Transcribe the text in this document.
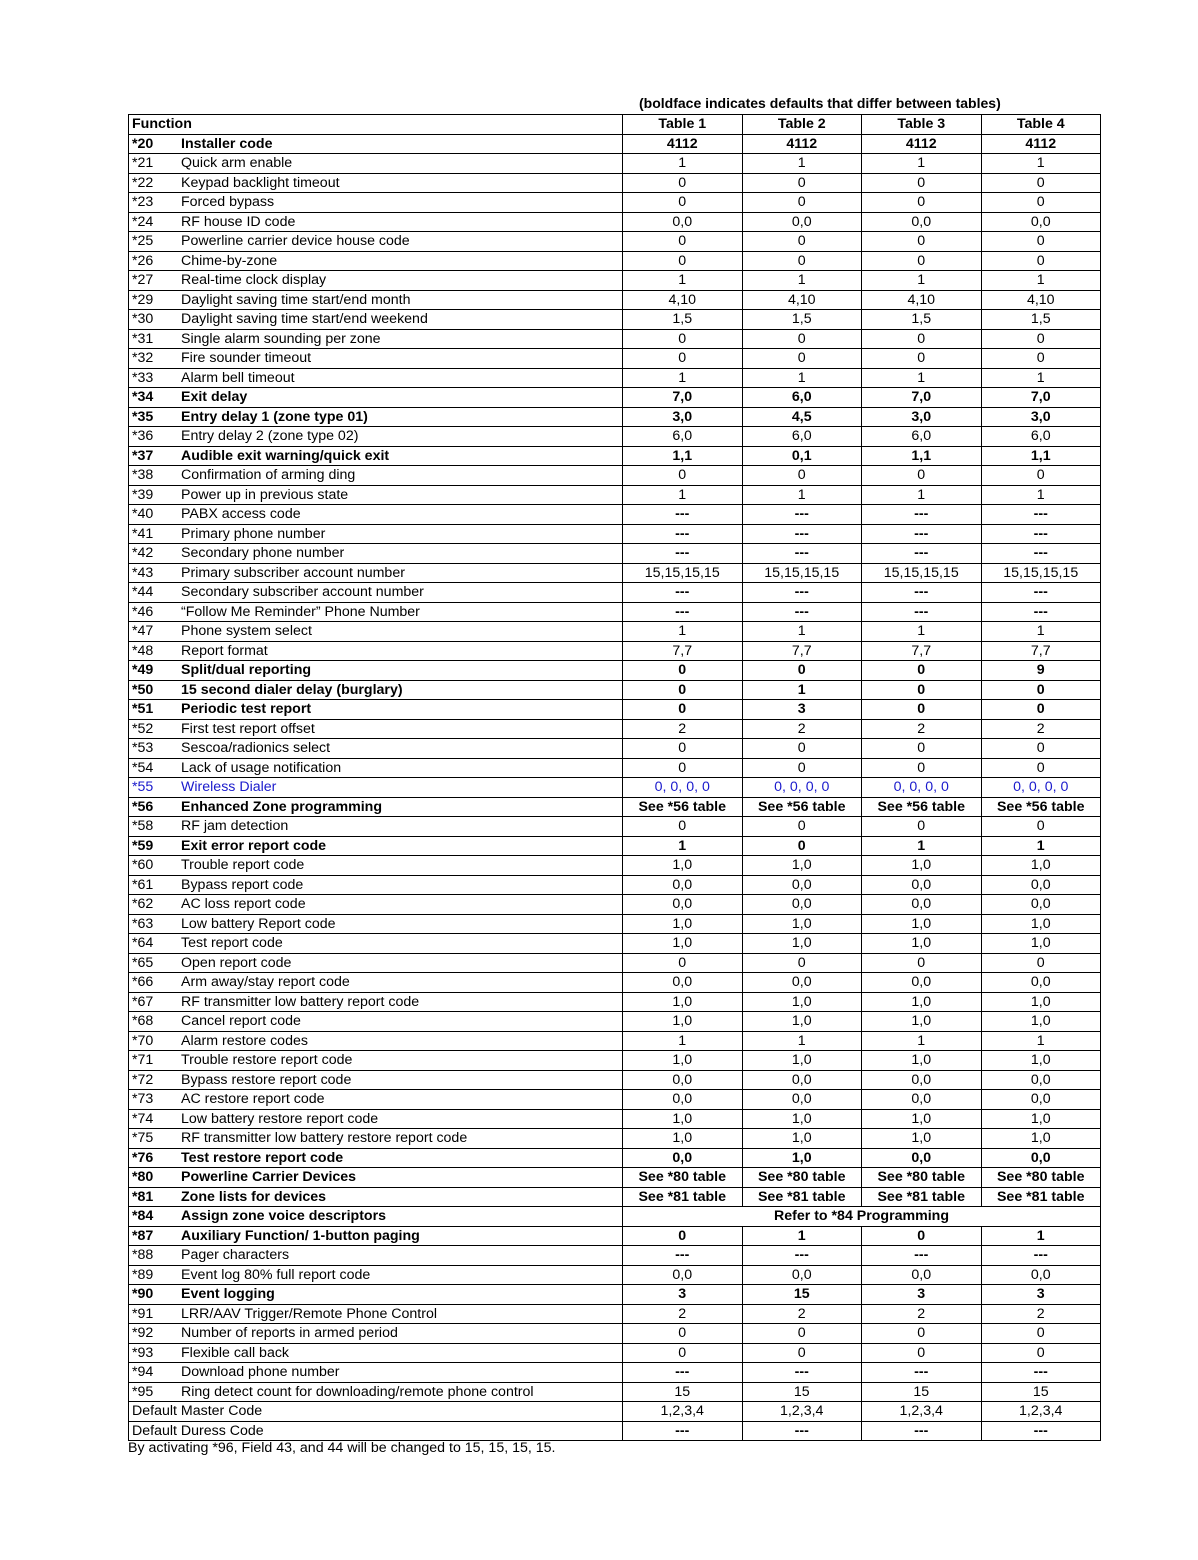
(boldface indicates defaults that differ between tables)
Function	Table 1	Table 2	Table 3	Table 4
*20 Installer code	4112	4112	4112	4112
*21 Quick arm enable	1	1	1	1
*22 Keypad backlight timeout	0	0	0	0
*23 Forced bypass	0	0	0	0
*24 RF house ID code	0,0	0,0	0,0	0,0
*25 Powerline carrier device house code	0	0	0	0
*26 Chime-by-zone	0	0	0	0
*27 Real-time clock display	1	1	1	1
*29 Daylight saving time start/end month	4,10	4,10	4,10	4,10
*30 Daylight saving time start/end weekend	1,5	1,5	1,5	1,5
*31 Single alarm sounding per zone	0	0	0	0
*32 Fire sounder timeout	0	0	0	0
*33 Alarm bell timeout	1	1	1	1
*34 Exit delay	7,0	6,0	7,0	7,0
*35 Entry delay 1 (zone type 01)	3,0	4,5	3,0	3,0
*36 Entry delay 2 (zone type 02)	6,0	6,0	6,0	6,0
*37 Audible exit warning/quick exit	1,1	0,1	1,1	1,1
*38 Confirmation of arming ding	0	0	0	0
*39 Power up in previous state	1	1	1	1
*40 PABX access code	---	---	---	---
*41 Primary phone number	---	---	---	---
*42 Secondary phone number	---	---	---	---
*43 Primary subscriber account number	15,15,15,15	15,15,15,15	15,15,15,15	15,15,15,15
*44 Secondary subscriber account number	---	---	---	---
*46 “Follow Me Reminder” Phone Number	---	---	---	---
*47 Phone system select	1	1	1	1
*48 Report format	7,7	7,7	7,7	7,7
*49 Split/dual reporting	0	0	0	9
*50 15 second dialer delay (burglary)	0	1	0	0
*51 Periodic test report	0	3	0	0
*52 First test report offset	2	2	2	2
*53 Sescoa/radionics select	0	0	0	0
*54 Lack of usage notification	0	0	0	0
*55 Wireless Dialer	0, 0, 0, 0	0, 0, 0, 0	0, 0, 0, 0	0, 0, 0, 0
*56 Enhanced Zone programming	See *56 table	See *56 table	See *56 table	See *56 table
*58 RF jam detection	0	0	0	0
*59 Exit error report code	1	0	1	1
*60 Trouble report code	1,0	1,0	1,0	1,0
*61 Bypass report code	0,0	0,0	0,0	0,0
*62 AC loss report code	0,0	0,0	0,0	0,0
*63 Low battery Report code	1,0	1,0	1,0	1,0
*64 Test report code	1,0	1,0	1,0	1,0
*65 Open report code	0	0	0	0
*66 Arm away/stay report code	0,0	0,0	0,0	0,0
*67 RF transmitter low battery report code	1,0	1,0	1,0	1,0
*68 Cancel report code	1,0	1,0	1,0	1,0
*70 Alarm restore codes	1	1	1	1
*71 Trouble restore report code	1,0	1,0	1,0	1,0
*72 Bypass restore report code	0,0	0,0	0,0	0,0
*73 AC restore report code	0,0	0,0	0,0	0,0
*74 Low battery restore report code	1,0	1,0	1,0	1,0
*75 RF transmitter low battery restore report code	1,0	1,0	1,0	1,0
*76 Test restore report code	0,0	1,0	0,0	0,0
*80 Powerline Carrier Devices	See *80 table	See *80 table	See *80 table	See *80 table
*81 Zone lists for devices	See *81 table	See *81 table	See *81 table	See *81 table
*84 Assign zone voice descriptors	Refer to *84 Programming			
*87 Auxiliary Function/ 1-button paging	0	1	0	1
*88 Pager characters	---	---	---	---
*89 Event log 80% full report code	0,0	0,0	0,0	0,0
*90 Event logging	3	15	3	3
*91 LRR/AAV Trigger/Remote Phone Control	2	2	2	2
*92 Number of reports in armed period	0	0	0	0
*93 Flexible call back	0	0	0	0
*94 Download phone number	---	---	---	---
*95 Ring detect count for downloading/remote phone control	15	15	15	15
Default Master Code	1,2,3,4	1,2,3,4	1,2,3,4	1,2,3,4
Default Duress Code	---	---	---	---
By activating *96, Field 43, and 44 will be changed to 15, 15, 15, 15.
